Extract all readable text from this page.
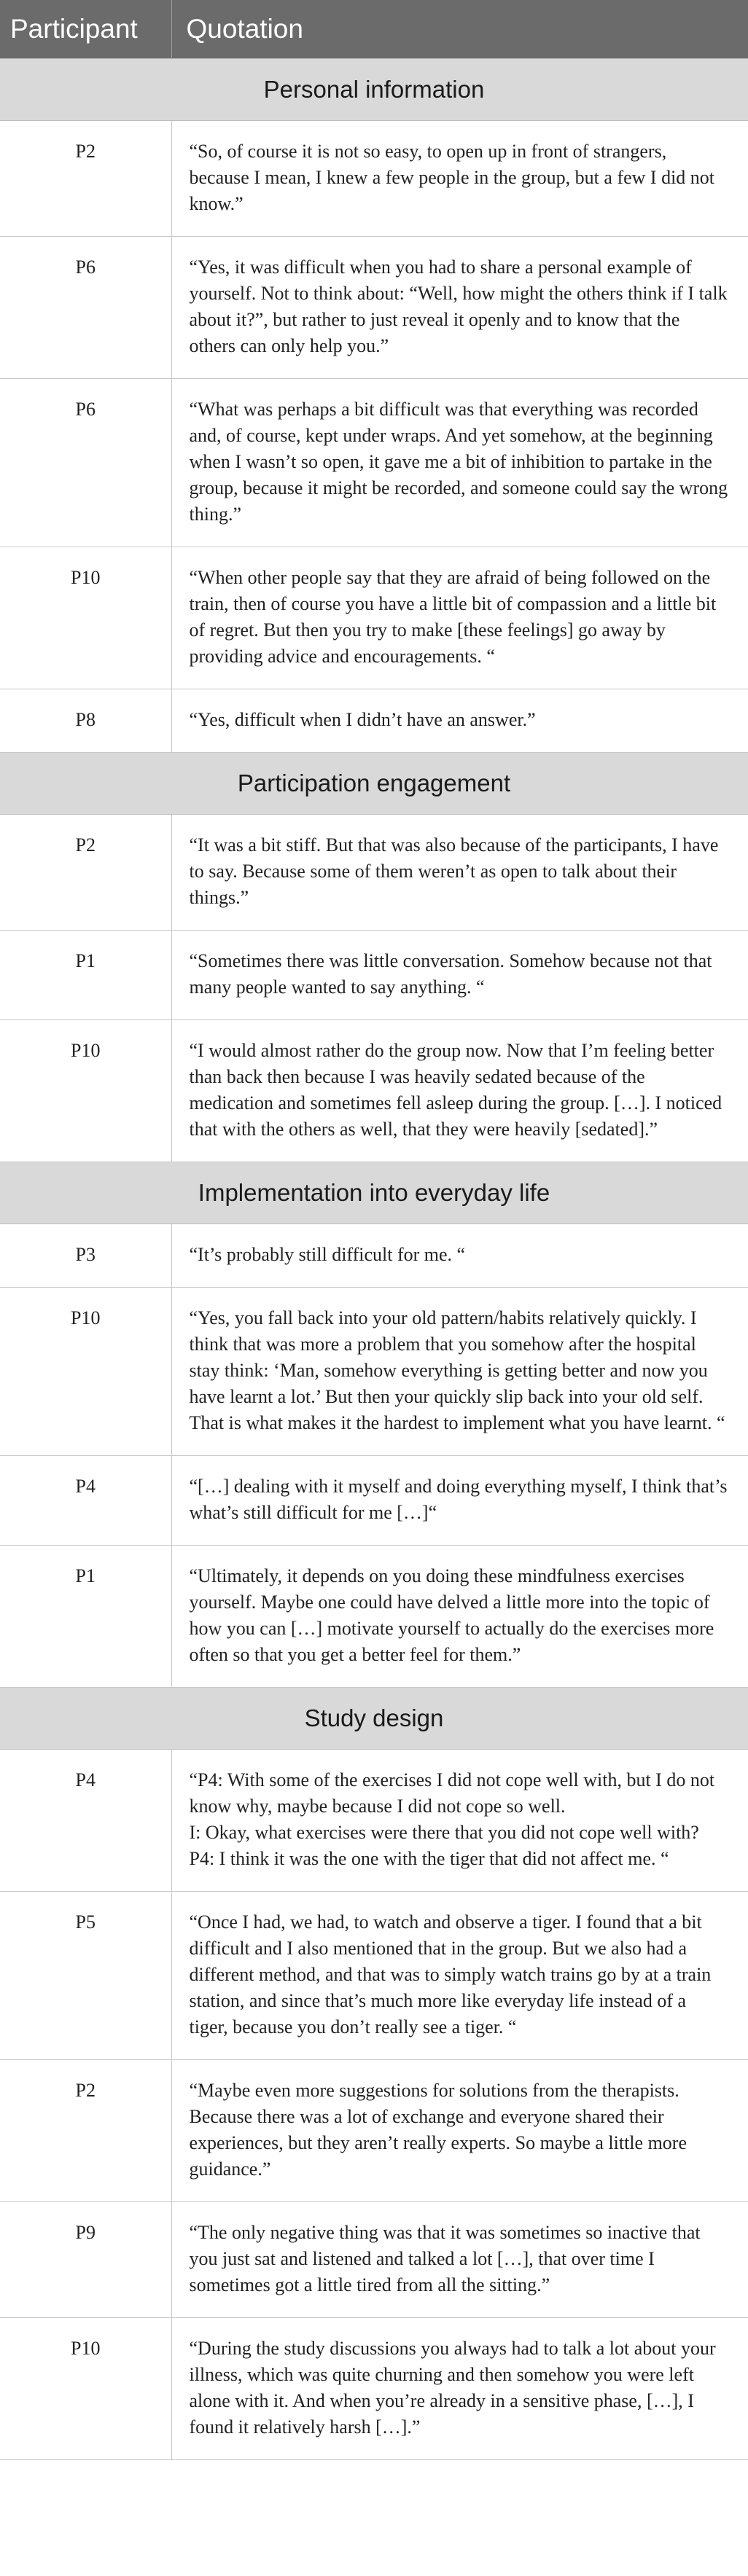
Participant	Quotation
Personal information	
P2	“So, of course it is not so easy, to open up in front of strangers, because I mean, I knew a few people in the group, but a few I did not know.”

P6	“Yes, it was difficult when you had to share a personal example of yourself. Not to think about: “Well, how might the others think if I talk about it?”, but rather to just reveal it openly and to know that the others can only help you.”

P6	“What was perhaps a bit difficult was that everything was recorded and, of course, kept under wraps. And yet somehow, at the beginning when I wasn’t so open, it gave me a bit of inhibition to partake in the group, because it might be recorded, and someone could say the wrong thing.”

P10	“When other people say that they are afraid of being followed on the train, then of course you have a little bit of compassion and a little bit of regret. But then you try to make [these feelings] go away by providing advice and encouragements. “

P8	“Yes, difficult when I didn’t have an answer.”

Participation engagement	
P2	“It was a bit stiff. But that was also because of the participants, I have to say. Because some of them weren’t as open to talk about their things.”

P1	“Sometimes there was little conversation. Somehow because not that many people wanted to say anything. “

P10	“I would almost rather do the group now. Now that I’m feeling better than back then because I was heavily sedated because of the medication and sometimes fell asleep during the group. […]. I noticed that with the others as well, that they were heavily [sedated].”

Implementation into everyday life	
P3	“It’s probably still difficult for me. “

P10	“Yes, you fall back into your old pattern/habits relatively quickly. I think that was more a problem that you somehow after the hospital stay think: ‘Man, somehow everything is getting better and now you have learnt a lot.’ But then your quickly slip back into your old self. That is what makes it the hardest to implement what you have learnt. “

P4	“[…] dealing with it myself and doing everything myself, I think that’s what’s still difficult for me […]“

P1	“Ultimately, it depends on you doing these mindfulness exercises yourself. Maybe one could have delved a little more into the topic of how you can […] motivate yourself to actually do the exercises more often so that you get a better feel for them.”

Study design	
P4	“P4: With some of the exercises I did not cope well with, but I do not know why, maybe because I did not cope so well.
I: Okay, what exercises were there that you did not cope well with?
P4: I think it was the one with the tiger that did not affect me. “

P5	“Once I had, we had, to watch and observe a tiger. I found that a bit difficult and I also mentioned that in the group. But we also had a different method, and that was to simply watch trains go by at a train station, and since that’s much more like everyday life instead of a tiger, because you don’t really see a tiger. “

P2	“Maybe even more suggestions for solutions from the therapists. Because there was a lot of exchange and everyone shared their experiences, but they aren’t really experts. So maybe a little more guidance.”

P9	“The only negative thing was that it was sometimes so inactive that you just sat and listened and talked a lot […], that over time I sometimes got a little tired from all the sitting.”

P10	“During the study discussions you always had to talk a lot about your illness, which was quite churning and then somehow you were left alone with it. And when you’re already in a sensitive phase, […], I found it relatively harsh […].”
